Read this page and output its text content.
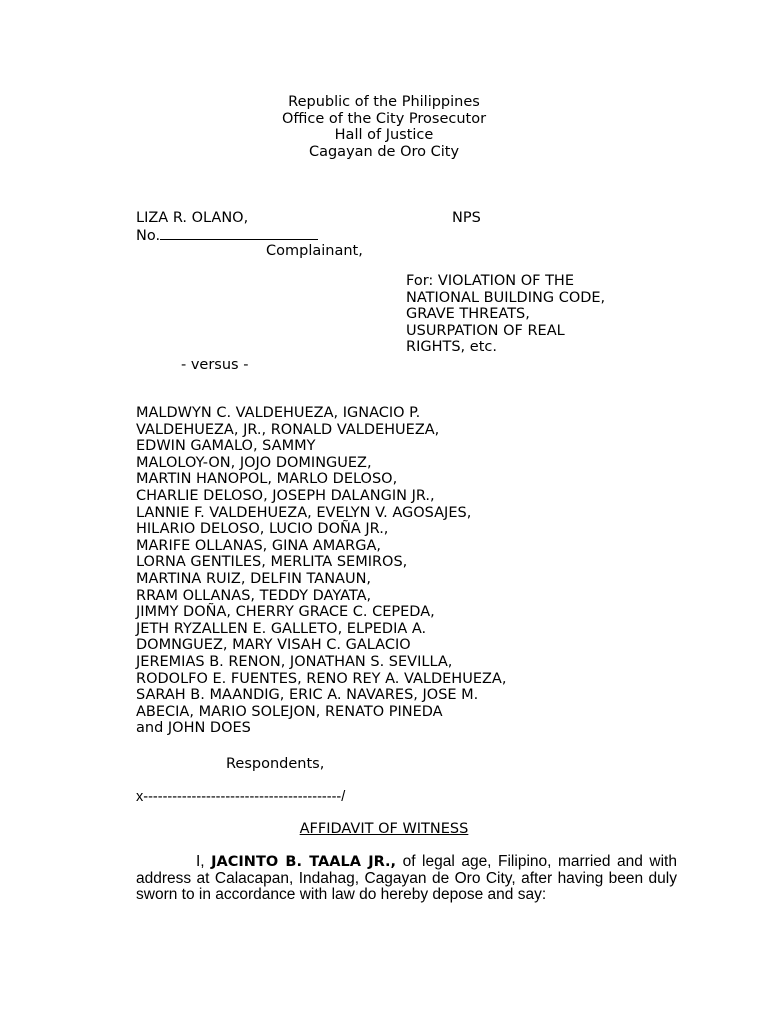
Republic of the Philippines
Office of the City Prosecutor
Hall of Justice
Cagayan de Oro City
LIZA R. OLANO,	NPS
No.
Complainant,
For: VIOLATION OF THE
NATIONAL BUILDING CODE,
GRAVE THREATS,
USURPATION OF REAL
RIGHTS, etc.
- versus -
MALDWYN C. VALDEHUEZA, IGNACIO P.
VALDEHUEZA, JR., RONALD VALDEHUEZA,
EDWIN GAMALO, SAMMY
MALOLOY-ON, JOJO DOMINGUEZ,
MARTIN HANOPOL, MARLO DELOSO,
CHARLIE DELOSO, JOSEPH DALANGIN JR.,
LANNIE F. VALDEHUEZA, EVELYN V. AGOSAJES,
HILARIO DELOSO, LUCIO DOÑA JR.,
MARIFE OLLANAS, GINA AMARGA,
LORNA GENTILES, MERLITA SEMIROS,
MARTINA RUIZ, DELFIN TANAUN,
RRAM OLLANAS, TEDDY DAYATA,
JIMMY DOÑA, CHERRY GRACE C. CEPEDA,
JETH RYZALLEN E. GALLETO, ELPEDIA A.
DOMNGUEZ, MARY VISAH C. GALACIO
JEREMIAS B. RENON, JONATHAN S. SEVILLA,
RODOLFO E. FUENTES, RENO REY A. VALDEHUEZA,
SARAH B. MAANDIG, ERIC A. NAVARES, JOSE M.
ABECIA, MARIO SOLEJON, RENATO PINEDA
and JOHN DOES
Respondents,
x-----------------------------------------/
AFFIDAVIT OF WITNESS
I, JACINTO B. TAALA JR., of legal age, Filipino, married and with address at Calacapan, Indahag, Cagayan de Oro City, after having been duly sworn to in accordance with law do hereby depose and say:
